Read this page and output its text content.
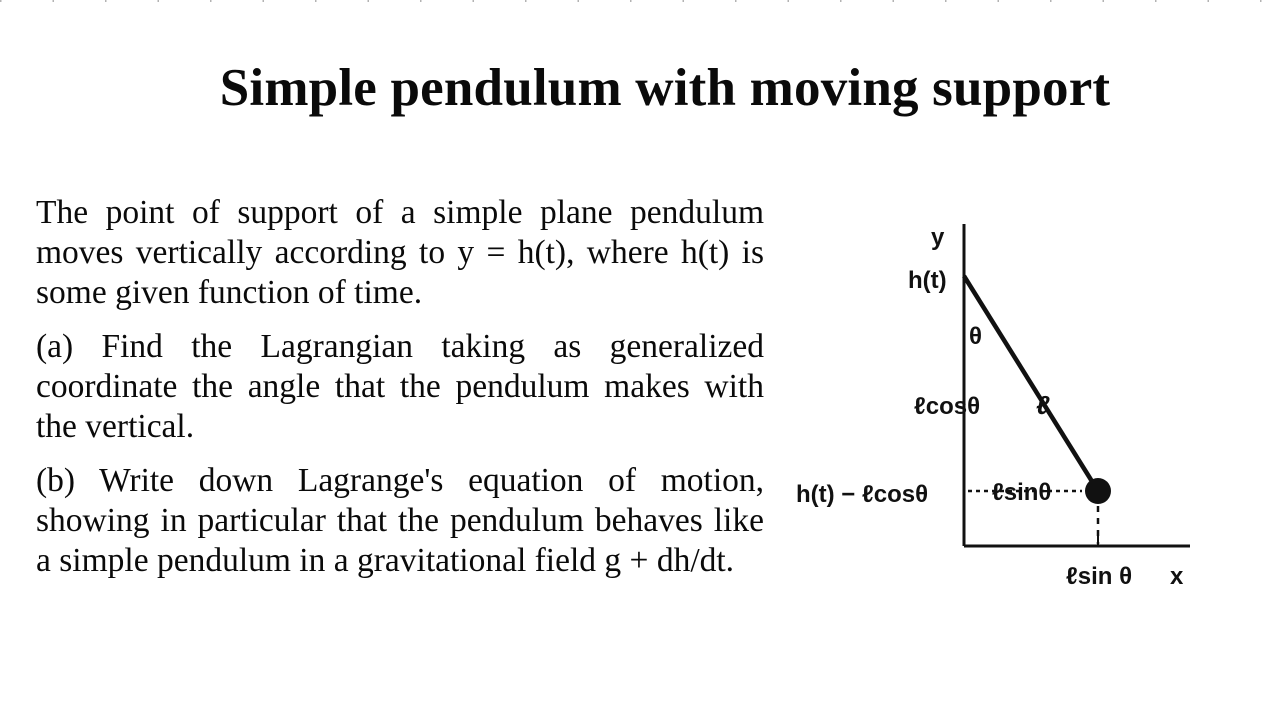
Simple pendulum with moving support

The point of support of a simple plane pendulum moves vertically according to y = h(t), where h(t) is some given function of time.

(a) Find the Lagrangian taking as generalized coordinate the angle that the pendulum makes with the vertical.

(b) Write down Lagrange's equation of motion, showing in particular that the pendulum behaves like a simple pendulum in a gravitational field g + dh/dt.

y
h(t)
θ
ℓ
ℓcosθ
h(t) − ℓcosθ	ℓsinθ
ℓsin θ x
